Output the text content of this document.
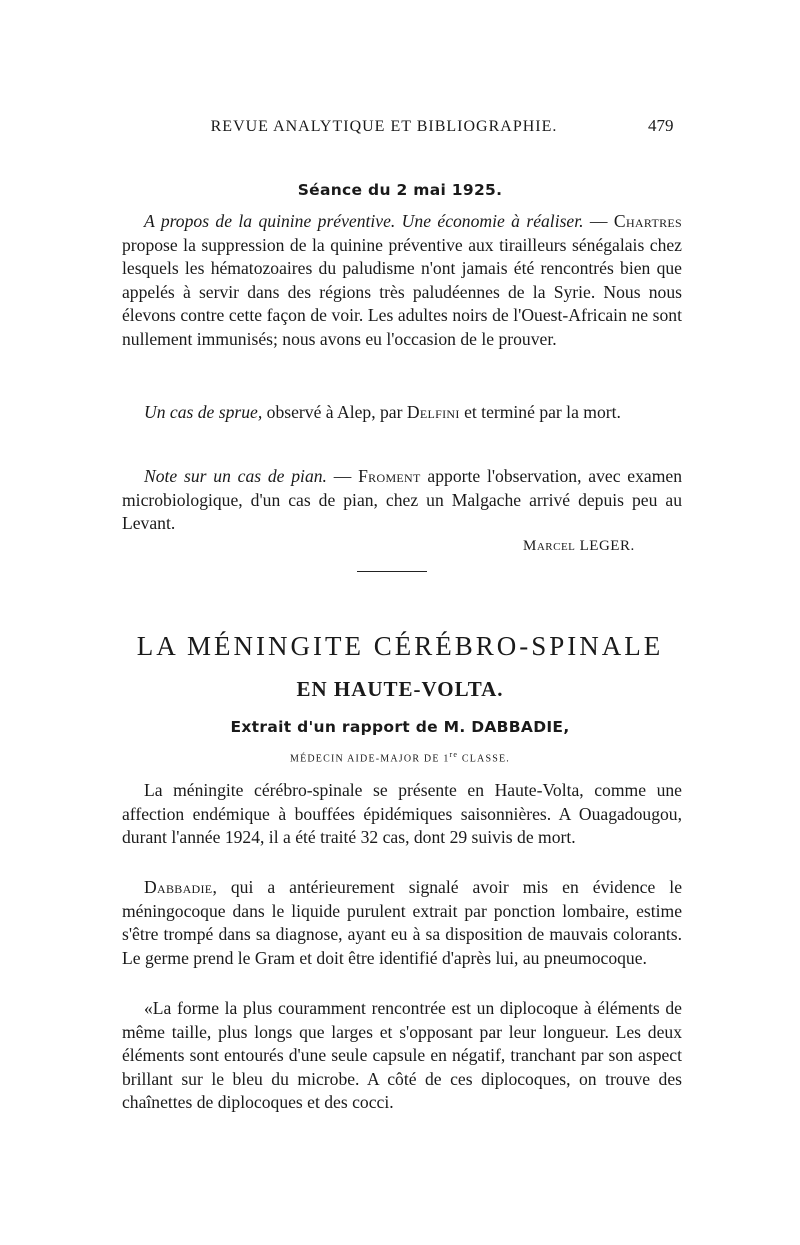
REVUE ANALYTIQUE ET BIBLIOGRAPHIE.	479
Séance du 2 mai 1925.

A propos de la quinine préventive. Une économie à réaliser. — Chartres propose la suppression de la quinine préventive aux tirailleurs sénégalais chez lesquels les hématozoaires du paludisme n'ont jamais été rencontrés bien que appelés à servir dans des régions très paludéennes de la Syrie. Nous nous élevons contre cette façon de voir. Les adultes noirs de l'Ouest-Africain ne sont nullement immunisés; nous avons eu l'occasion de le prouver.

Un cas de sprue, observé à Alep, par Delfini et terminé par la mort.

Note sur un cas de pian. — Froment apporte l'observation, avec examen microbiologique, d'un cas de pian, chez un Malgache arrivé depuis peu au Levant.

Marcel LEGER.
LA MÉNINGITE CÉRÉBRO-SPINALE
EN HAUTE-VOLTA.
Extrait d'un rapport de M. DABBADIE,
MÉDECIN AIDE-MAJOR DE 1re CLASSE.

La méningite cérébro-spinale se présente en Haute-Volta, comme une affection endémique à bouffées épidémiques saisonnières. A Ouagadougou, durant l'année 1924, il a été traité 32 cas, dont 29 suivis de mort.

Dabbadie, qui a antérieurement signalé avoir mis en évidence le méningocoque dans le liquide purulent extrait par ponction lombaire, estime s'être trompé dans sa diagnose, ayant eu à sa disposition de mauvais colorants. Le germe prend le Gram et doit être identifié d'après lui, au pneumocoque.

«La forme la plus couramment rencontrée est un diplocoque à éléments de même taille, plus longs que larges et s'opposant par leur longueur. Les deux éléments sont entourés d'une seule capsule en négatif, tranchant par son aspect brillant sur le bleu du microbe. A côté de ces diplocoques, on trouve des chaînettes de diplocoques et des cocci.
